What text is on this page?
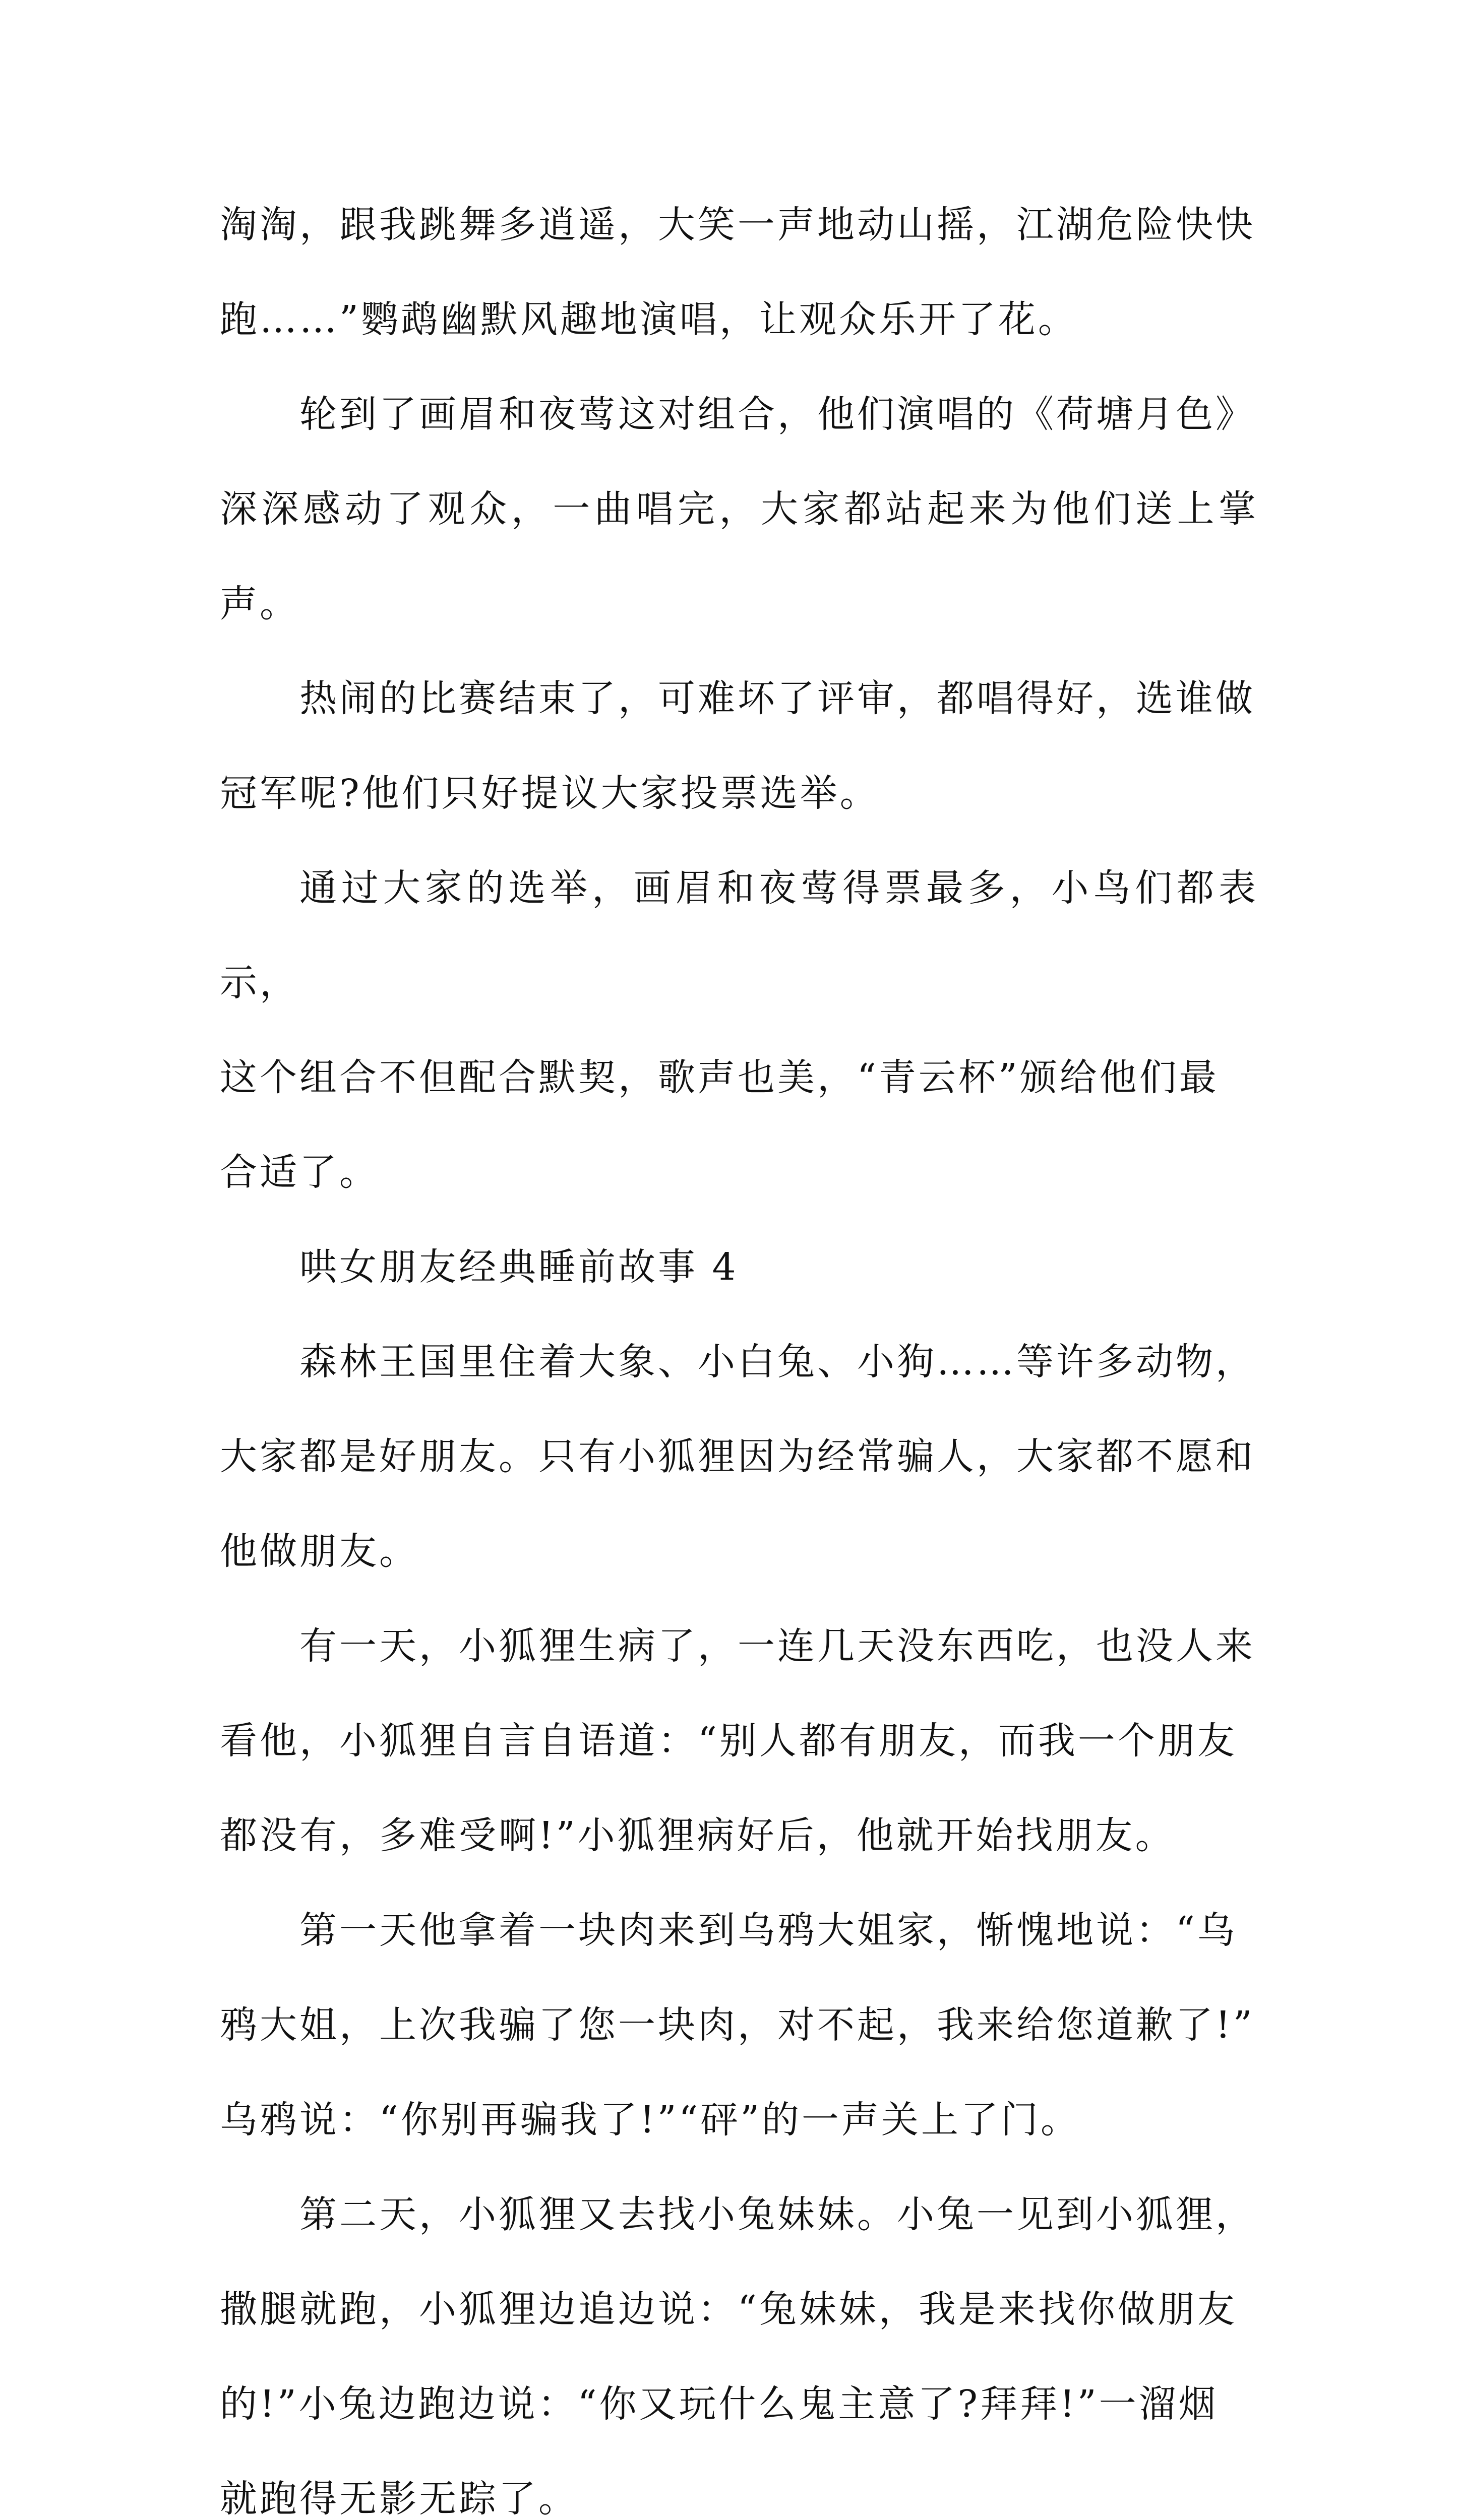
淘淘，跟我跳舞多逍遥，大笑一声地动山摇，江湖危险快快
跑……”鹦鹉幽默风趣地演唱，让观众乐开了花。

轮到了画眉和夜莺这对组合，他们演唱的《荷塘月色》
深深感动了观众，一曲唱完，大家都站起来为他们送上掌声。

热闹的比赛结束了，可难坏了评审，都唱得好，选谁做
冠军呢?他们只好提议大家投票选举。

通过大家的选举，画眉和夜莺得票最多，小鸟们都表示，
这个组合不但配合默契，歌声也美，“青云杯”颁给他们最
合适了。

哄女朋友经典睡前故事 4

森林王国里住着大象、小白兔、小狗……等许多动物，
大家都是好朋友。只有小狐狸因为经常骗人，大家都不愿和
他做朋友。

有一天，小狐狸生病了，一连几天没东西吃，也没人来
看他，小狐狸自言自语道：“别人都有朋友，而我一个朋友
都没有，多难受啊!”小狐狸病好后，他就开始找朋友。

第一天他拿着一块肉来到乌鸦大姐家，惭愧地说：“乌
鸦大姐，上次我骗了您一块肉，对不起，我来给您道歉了!”
乌鸦说：“你别再骗我了!”“砰”的一声关上了门。

第二天，小狐狸又去找小兔妹妹。小兔一见到小狐狸，
撒腿就跑，小狐狸边追边说：“兔妹妹，我是来找你做朋友
的!”小兔边跑边说：“你又玩什么鬼主意了?拜拜!”一溜烟
就跑得无影无踪了。
